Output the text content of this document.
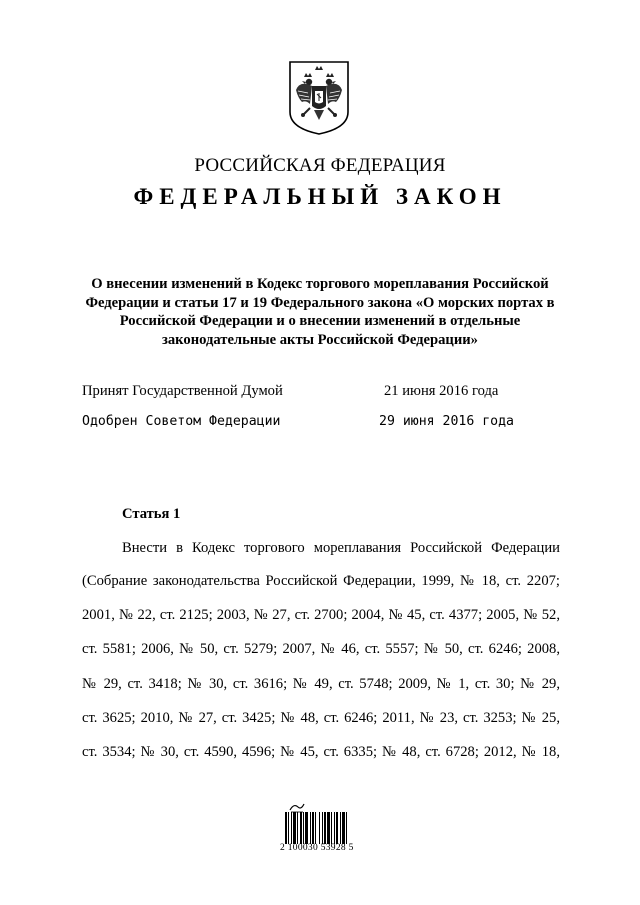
РОССИЙСКАЯ ФЕДЕРАЦИЯ
ФЕДЕРАЛЬНЫЙ ЗАКОН
О внесении изменений в Кодекс торгового мореплавания Российской
Федерации и статьи 17 и 19 Федерального закона «О морских портах в
Российской Федерации и о внесении изменений в отдельные
законодательные акты Российской Федерации»
Принят Государственной Думой	21 июня 2016 года
Одобрен Советом Федерации	29 июня 2016 года
Статья 1
Внести в Кодекс торгового мореплавания Российской Федерации
(Собрание законодательства Российской Федерации, 1999, № 18, ст. 2207;
2001, № 22, ст. 2125; 2003, № 27, ст. 2700; 2004, № 45, ст. 4377; 2005, № 52,
ст. 5581; 2006, № 50, ст. 5279; 2007, № 46, ст. 5557; № 50, ст. 6246; 2008,
№ 29, ст. 3418; № 30, ст. 3616; № 49, ст. 5748; 2009, № 1, ст. 30; № 29,
ст. 3625; 2010, № 27, ст. 3425; № 48, ст. 6246; 2011, № 23, ст. 3253; № 25,
ст. 3534; № 30, ст. 4590, 4596; № 45, ст. 6335; № 48, ст. 6728; 2012, № 18,
2 100030 53928 5
